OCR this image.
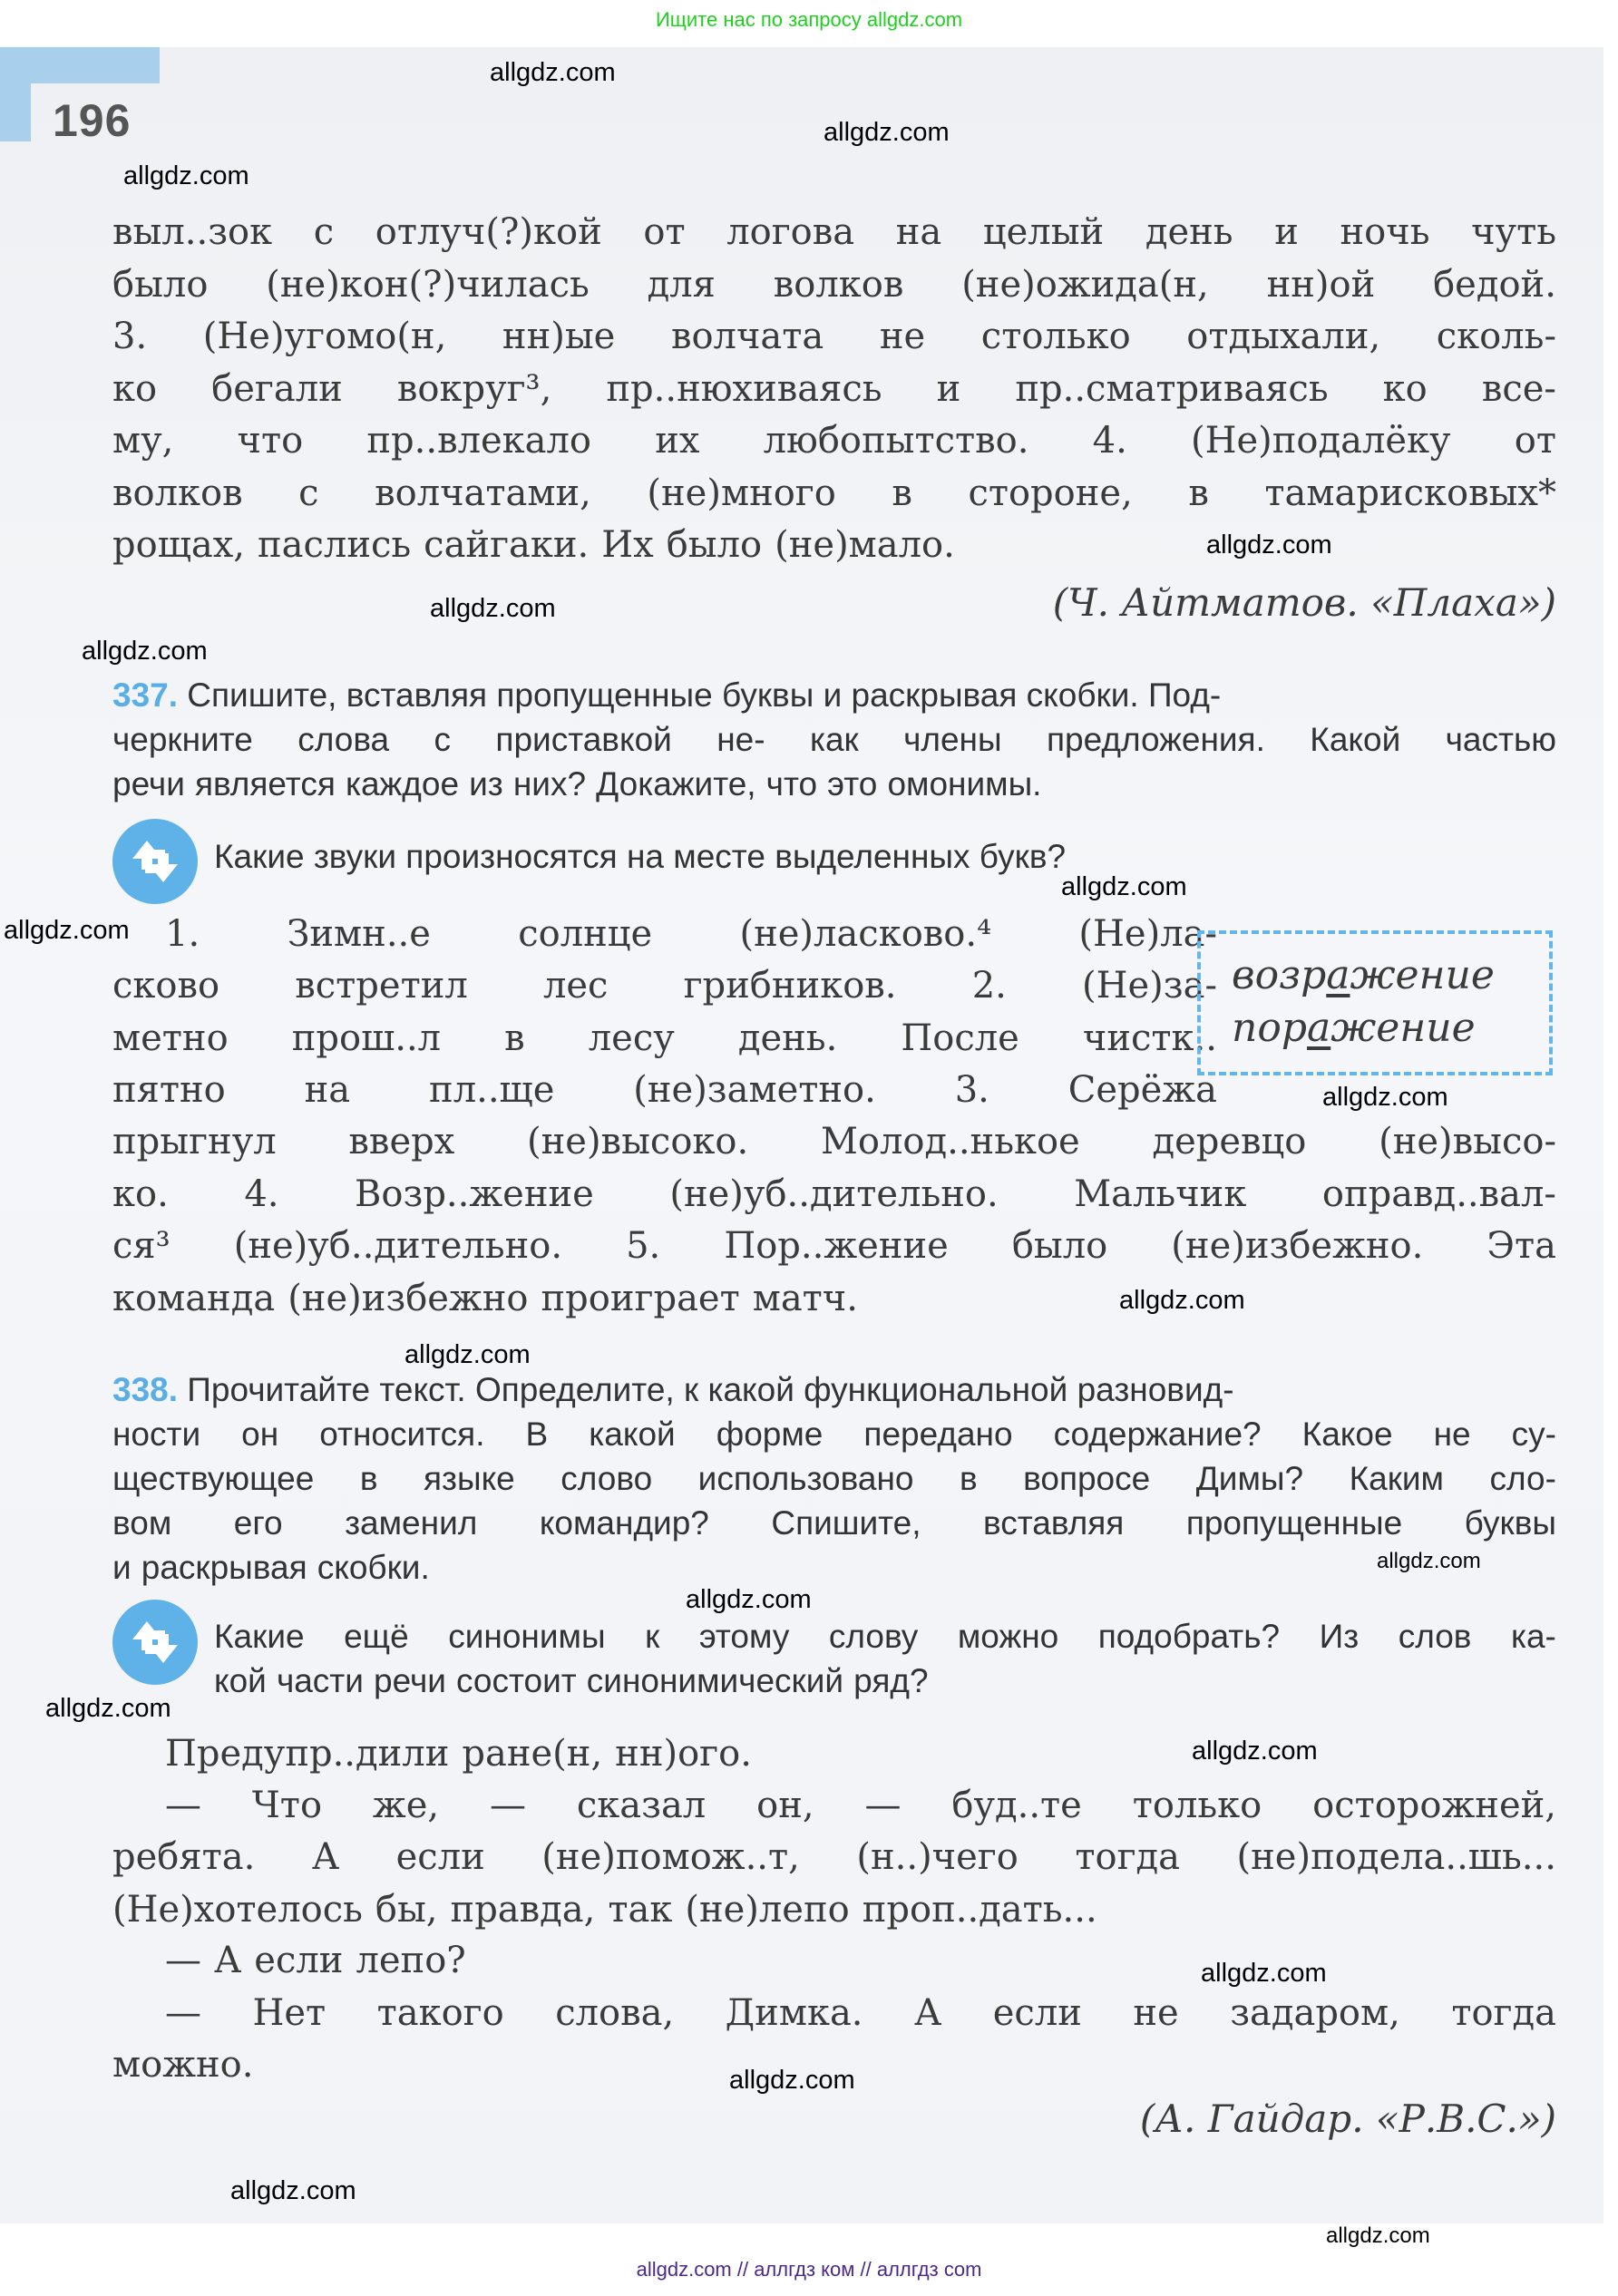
Ищите нас по запросу allgdz.com
196
выл..зок с отлуч(?)кой от логова на целый день и ночь чуть
было (не)кон(?)чилась для волков (не)ожида(н, нн)ой бедой.
3. (Не)угомо(н, нн)ые волчата не столько отдыхали, сколь-
ко бегали вокруг³, пр..нюхиваясь и пр..сматриваясь ко все-
му, что пр..влекало их любопытство. 4. (Не)подалёку от
волков с волчатами, (не)много в стороне, в тамарисковых*
рощах, паслись сайгаки. Их было (не)мало.
(Ч. Айтматов. «Плаха»)
337. Спишите, вставляя пропущенные буквы и раскрывая скобки. Под-
черкните слова с приставкой не- как члены предложения. Какой частью
речи является каждое из них? Докажите, что это омонимы.
Какие звуки произносятся на месте выделенных букв?
1. Зимн..е солнце (не)ласково.⁴ (Не)ла-
сково встретил лес грибников. 2. (Не)за-
метно прош..л в лесу день. После чистк..
пятно на пл..ще (не)заметно. 3. Серёжа
прыгнул вверх (не)высоко. Молод..нькое деревцо (не)высо-
ко. 4. Возр..жение (не)уб..дительно. Мальчик оправд..вал-
ся³ (не)уб..дительно. 5. Пор..жение было (не)избежно. Эта
команда (не)избежно проиграет матч.
возражение
поражение
338. Прочитайте текст. Определите, к какой функциональной разновид-
ности он относится. В какой форме передано содержание? Какое не су-
ществующее в языке слово использовано в вопросе Димы? Каким сло-
вом его заменил командир? Спишите, вставляя пропущенные буквы
и раскрывая скобки.
Какие ещё синонимы к этому слову можно подобрать? Из слов ка-
кой части речи состоит синонимический ряд?
Предупр..дили ране(н, нн)ого.
— Что же, — сказал он, — буд..те только осторожней,
ребята. А если (не)помож..т, (н..)чего тогда (не)подела..шь...
(Не)хотелось бы, правда, так (не)лепо проп..дать...
— А если лепо?
— Нет такого слова, Димка. А если не задаром, тогда
можно.
(А. Гайдар. «Р.В.С.»)
allgdz.com
allgdz.com
allgdz.com
allgdz.com
allgdz.com
allgdz.com
allgdz.com
allgdz.com
allgdz.com
allgdz.com
allgdz.com
allgdz.com
allgdz.com
allgdz.com
allgdz.com
allgdz.com
allgdz.com
allgdz.com
allgdz.com
allgdz.com // аллгдз ком // аллгдз com
